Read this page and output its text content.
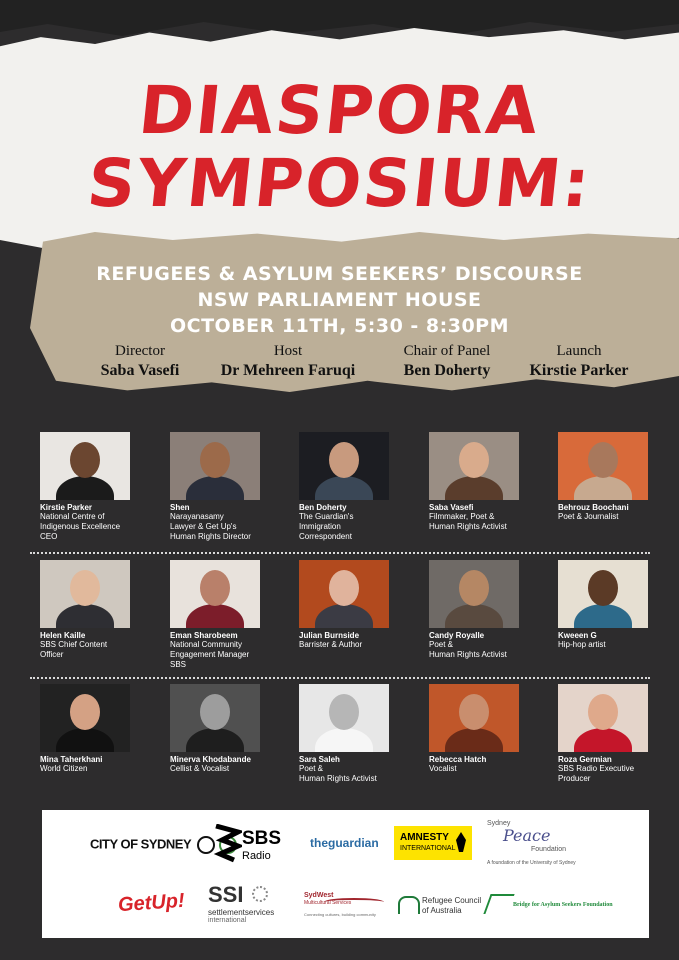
DIASPORA
SYMPOSIUM:
REFUGEES & ASYLUM SEEKERS’ DISCOURSE
NSW PARLIAMENT HOUSE
OCTOBER 11TH, 5:30 - 8:30PM
Director
Saba Vasefi
Host
Dr Mehreen Faruqi
Chair of Panel
Ben Doherty
Launch
Kirstie Parker
Kirstie Parker
National Centre of
Indigenous Excellence
CEO
Shen
Narayanasamy
Lawyer & Get Up's
Human Rights Director
Ben Doherty
The Guardian's
Immigration
Correspondent
Saba Vasefi
Filmmaker, Poet &
Human Rights Activist
Behrouz Boochani
Poet & Journalist
Helen Kaille
SBS Chief Content
Officer
Eman Sharobeem
National Community
Engagement Manager
SBS
Julian Burnside
Barrister & Author
Candy Royalle
Poet &
Human Rights Activist
Kweeen G
Hip-hop artist
Mina Taherkhani
World Citizen
Minerva Khodabande
Cellist & Vocalist
Sara Saleh
Poet &
Human Rights Activist
Rebecca Hatch
Vocalist
Roza Germian
SBS Radio Executive
Producer
CITY OF SYDNEY	SBS
Radio
theguardian AMNESTY
INTERNATIONAL
Sydney
Peace
Foundation
A foundation of the University of Sydney
GetUp! SSI
settlementservices
international
SydWest
Multicultural Services
Connecting cultures, building community
Refugee Council
of Australia
Bridge for Asylum Seekers Foundation
